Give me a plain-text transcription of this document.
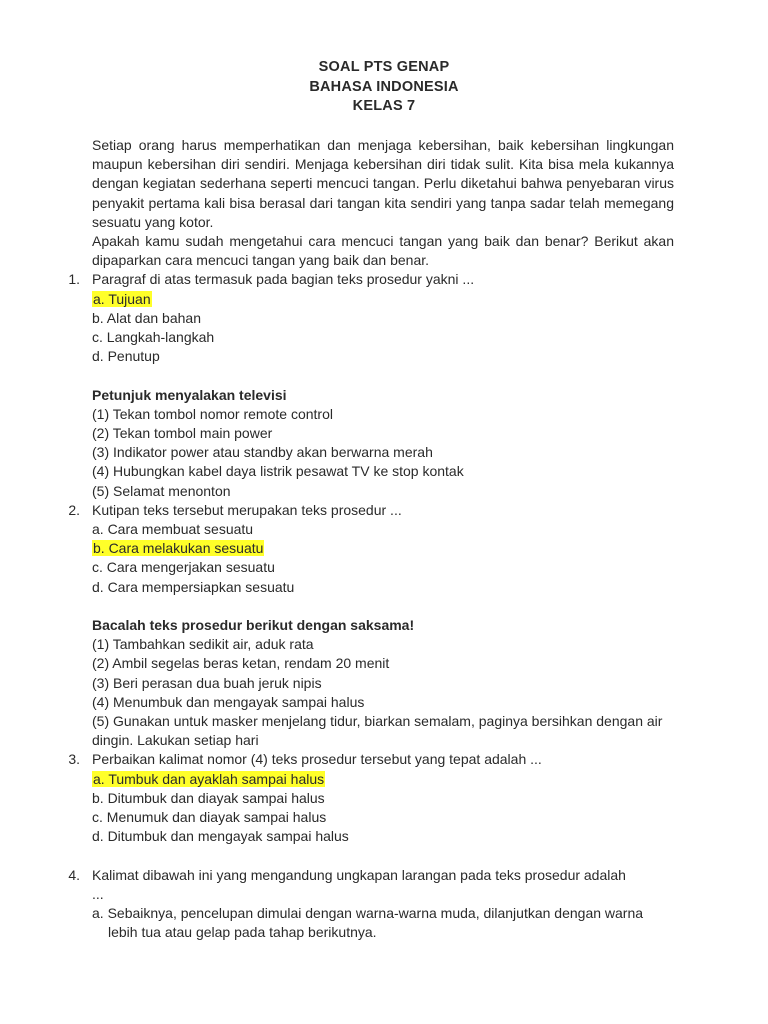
SOAL PTS GENAP
BAHASA INDONESIA
KELAS 7

Setiap orang harus memperhatikan dan menjaga kebersihan, baik kebersihan lingkungan maupun kebersihan diri sendiri. Menjaga kebersihan diri tidak sulit. Kita bisa mela kukannya dengan kegiatan sederhana seperti mencuci tangan. Perlu diketahui bahwa penyebaran virus penyakit pertama kali bisa berasal dari tangan kita sendiri yang tanpa sadar telah memegang sesuatu yang kotor.

Apakah kamu sudah mengetahui cara mencuci tangan yang baik dan benar? Berikut akan dipaparkan cara mencuci tangan yang baik dan benar.

1. Paragraf di atas termasuk pada bagian teks prosedur yakni ...

a. Tujuan

b. Alat dan bahan

c. Langkah-langkah

d. Penutup

Petunjuk menyalakan televisi

(1) Tekan tombol nomor remote control

(2) Tekan tombol main power

(3) Indikator power atau standby akan berwarna merah

(4) Hubungkan kabel daya listrik pesawat TV ke stop kontak

(5) Selamat menonton

2. Kutipan teks tersebut merupakan teks prosedur ...

a. Cara membuat sesuatu

b. Cara melakukan sesuatu

c. Cara mengerjakan sesuatu

d. Cara mempersiapkan sesuatu

Bacalah teks prosedur berikut dengan saksama!

(1) Tambahkan sedikit air, aduk rata

(2) Ambil segelas beras ketan, rendam 20 menit

(3) Beri perasan dua buah jeruk nipis

(4) Menumbuk dan mengayak sampai halus

(5) Gunakan untuk masker menjelang tidur, biarkan semalam, paginya bersihkan dengan air dingin. Lakukan setiap hari

3. Perbaikan kalimat nomor (4) teks prosedur tersebut yang tepat adalah ...

a. Tumbuk dan ayaklah sampai halus

b. Ditumbuk dan diayak sampai halus

c. Menumuk dan diayak sampai halus

d. Ditumbuk dan mengayak sampai halus

4. Kalimat dibawah ini yang mengandung ungkapan larangan pada teks prosedur adalah ...

a. Sebaiknya, pencelupan dimulai dengan warna-warna muda, dilanjutkan dengan warna lebih tua atau gelap pada tahap berikutnya.
